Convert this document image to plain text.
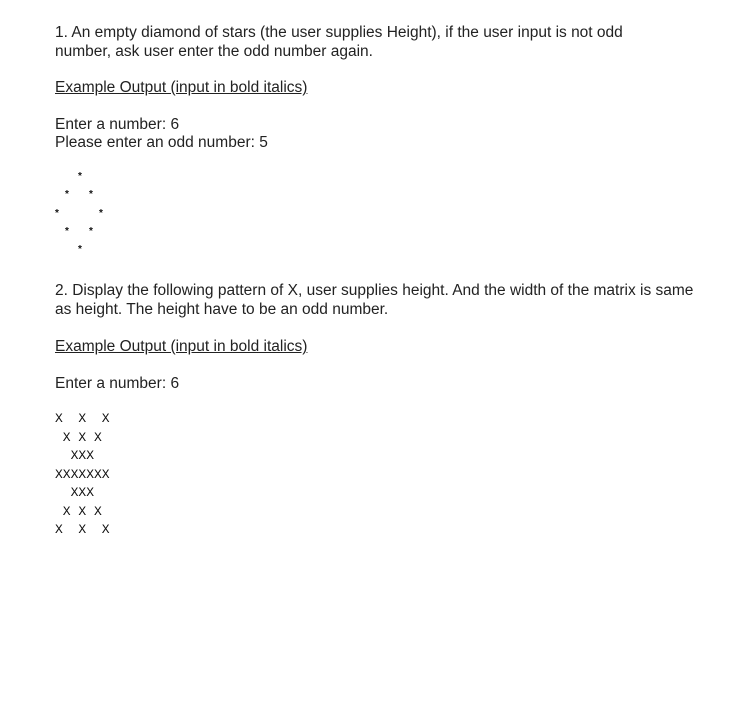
1. An empty diamond of stars (the user supplies Height), if the user input is not odd number, ask user enter the odd number again.

Example Output (input in bold italics)

Enter a number: 6

Please enter an odd number: 5

*
* *
*	*
* *
*

2. Display the following pattern of X, user supplies height. And the width of the matrix is same as height. The height have to be an odd number.

Example Output (input in bold italics)

Enter a number: 6

X  X  X
X X X
XXX
XXXXXXX
XXX
X X X
X  X  X
